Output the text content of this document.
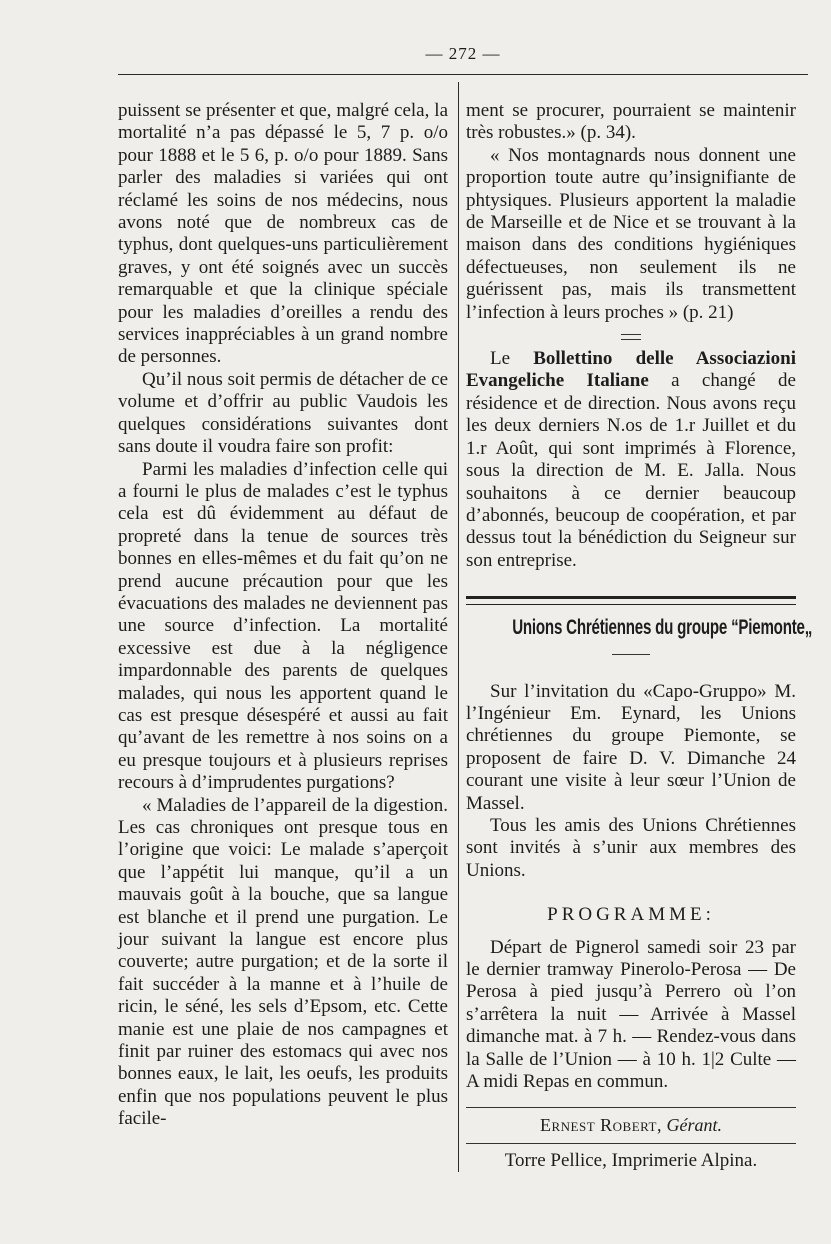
— 272 —

puissent se présenter et que, malgré cela, la mortalité n’a pas dépassé le 5, 7 p. o/o pour 1888 et le 5 6, p. o/o pour 1889. Sans parler des maladies si variées qui ont réclamé les soins de nos médecins, nous avons noté que de nombreux cas de typhus, dont quelques-uns particulièrement graves, y ont été soignés avec un succès remarquable et que la clinique spéciale pour les maladies d’oreilles a rendu des services inappréciables à un grand nombre de personnes.

Qu’il nous soit permis de détacher de ce volume et d’offrir au public Vaudois les quelques considérations suivantes dont sans doute il voudra faire son profit:

Parmi les maladies d’infection celle qui a fourni le plus de malades c’est le typhus cela est dû évidemment au défaut de propreté dans la tenue de sources très bonnes en elles-mêmes et du fait qu’on ne prend aucune précaution pour que les évacuations des malades ne deviennent pas une source d’infection. La mortalité excessive est due à la négligence impardonnable des parents de quelques malades, qui nous les apportent quand le cas est presque désespéré et aussi au fait qu’avant de les remettre à nos soins on a eu presque toujours et à plusieurs reprises recours à d’imprudentes purgations?

« Maladies de l’appareil de la digestion. Les cas chroniques ont presque tous en l’origine que voici: Le malade s’aperçoit que l’appétit lui manque, qu’il a un mauvais goût à la bouche, que sa langue est blanche et il prend une purgation. Le jour suivant la langue est encore plus couverte; autre purgation; et de la sorte il fait succéder à la manne et à l’huile de ricin, le séné, les sels d’Epsom, etc. Cette manie est une plaie de nos campagnes et finit par ruiner des estomacs qui avec nos bonnes eaux, le lait, les oeufs, les produits enfin que nos populations peuvent le plus facile-

ment se procurer, pourraient se maintenir très robustes.» (p. 34).

« Nos montagnards nous donnent une proportion toute autre qu’insignifiante de phtysiques. Plusieurs apportent la maladie de Marseille et de Nice et se trouvant à la maison dans des conditions hygiéniques défectueuses, non seulement ils ne guérissent pas, mais ils transmettent l’infection à leurs proches » (p. 21)

Le Bollettino delle Associazioni Evangeliche Italiane a changé de résidence et de direction. Nous avons reçu les deux derniers N.os de 1.r Juillet et du 1.r Août, qui sont imprimés à Florence, sous la direction de M. E. Jalla. Nous souhaitons à ce dernier beaucoup d’abonnés, beucoup de coopération, et par dessus tout la bénédiction du Seigneur sur son entreprise.

Unions Chrétiennes du groupe “Piemonte„

Sur l’invitation du «Capo-Gruppo» M. l’Ingénieur Em. Eynard, les Unions chrétiennes du groupe Piemonte, se proposent de faire D. V. Dimanche 24 courant une visite à leur sœur l’Union de Massel.

Tous les amis des Unions Chrétiennes sont invités à s’unir aux membres des Unions.

PROGRAMME:

Départ de Pignerol samedi soir 23 par le dernier tramway Pinerolo-Perosa — De Perosa à pied jusqu’à Perrero où l’on s’arrêtera la nuit — Arrivée à Massel dimanche mat. à 7 h. — Rendez-vous dans la Salle de l’Union — à 10 h. 1|2 Culte — A midi Repas en commun.

Ernest Robert, Gérant.
Torre Pellice, Imprimerie Alpina.
